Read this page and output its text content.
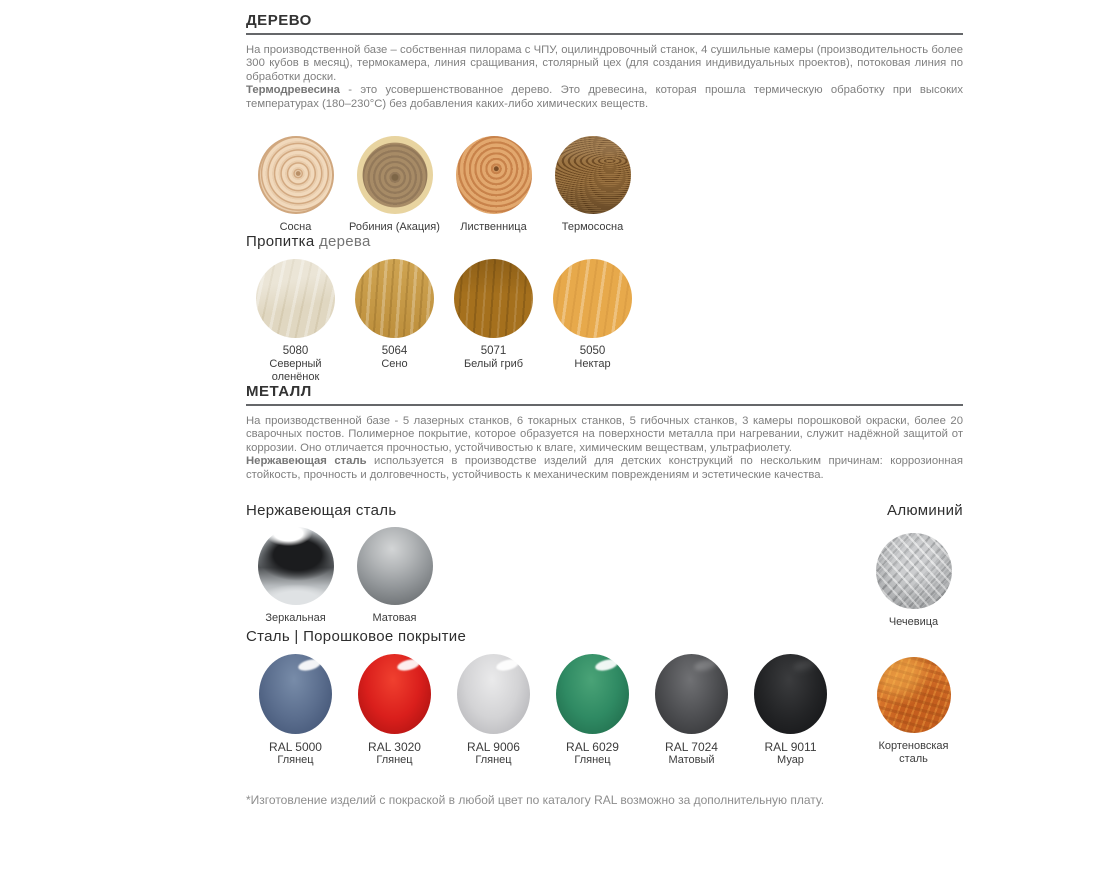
ДЕРЕВО

На производственной базе – собственная пилорама с ЧПУ, оцилиндровочный станок, 4 сушильные камеры (производительность более 300 кубов в месяц), термокамера, линия сращивания, столярный цех (для создания индивидуальных проектов), потоковая линия по обработки доски.

Термодревесина - это усовершенствованное дерево. Это древесина, которая прошла термическую обработку при высоких температурах (180–230°С) без добавления каких-либо химических веществ.

Сосна	Робиния (Акация) Лиственница	Термососна
Пропитка дерева
5080
Северный оленёнок
5064
Сено
5071
Белый гриб
5050
Нектар
МЕТАЛЛ

На производственной базе - 5 лазерных станков, 6 токарных станков, 5 гибочных станков, 3 камеры порошковой окраски, более 20 сварочных постов. Полимерное покрытие, которое образуется на поверхности металла при нагревании, служит надёжной защитой от коррозии. Оно отличается прочностью, устойчивостью к влаге, химическим веществам, ультрафиолету.

Нержавеющая сталь используется в производстве изделий для детских конструкций по нескольким причинам: коррозионная стойкость, прочность и долговечность, устойчивость к механическим повреждениям и эстетические качества.

Нержавеющая сталь	Алюминий
Зеркальная	Матовая	Чечевица
Сталь | Порошковое покрытие
RAL 5000
Глянец
RAL 3020
Глянец
RAL 9006
Глянец
RAL 6029
Глянец
RAL 7024
Матовый
RAL 9011
Муар
Кортеновская сталь

*Изготовление изделий с покраской в любой цвет по каталогу RAL возможно за дополнительную плату.
